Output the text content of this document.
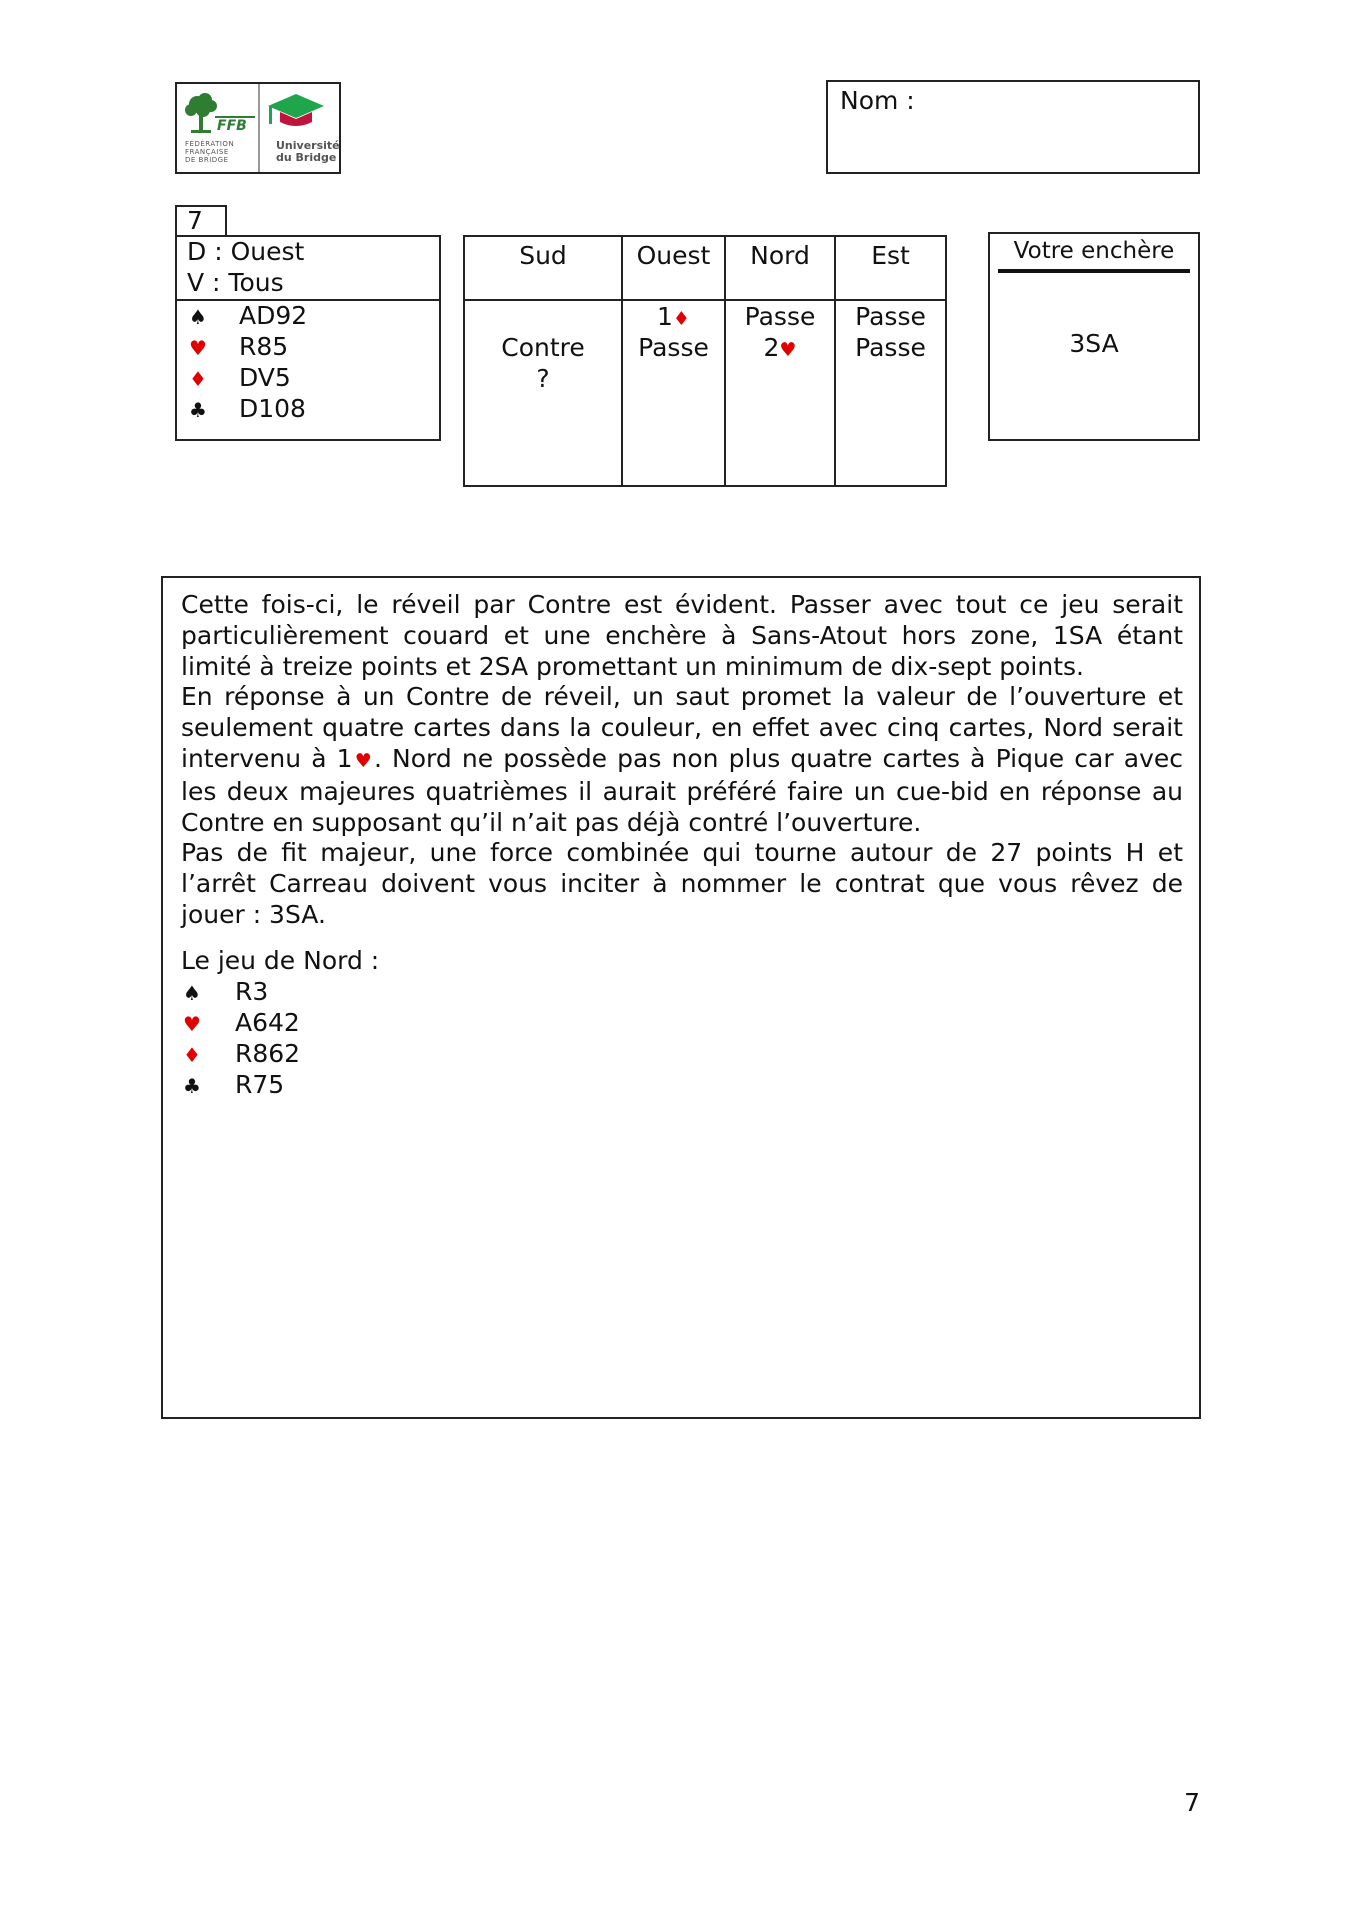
FFB
FÉDÉRATION
FRANÇAISE
DE BRIDGE
Université
du Bridge
Nom :
7
D : Ouest
V : Tous
♠ AD92
♥ R85
♦ DV5
♣ D108
Sud
Contre
?
Ouest
1♦
Passe
Nord
Passe
2♥
Est
Passe
Passe
Votre enchère
3SA

Cette fois-ci, le réveil par Contre est évident. Passer avec tout ce jeu serait particulièrement couard et une enchère à Sans-Atout hors zone, 1SA étant limité à treize points et 2SA promettant un minimum de dix-sept points.

En réponse à un Contre de réveil, un saut promet la valeur de l’ouverture et seulement quatre cartes dans la couleur, en effet avec cinq cartes, Nord serait intervenu à 1♥. Nord ne possède pas non plus quatre cartes à Pique car avec les deux majeures quatrièmes il aurait préféré faire un cue-bid en réponse au Contre en supposant qu’il n’ait pas déjà contré l’ouverture.

Pas de fit majeur, une force combinée qui tourne autour de 27 points H et l’arrêt Carreau doivent vous inciter à nommer le contrat que vous rêvez de jouer : 3SA.

Le jeu de Nord :
♠ R3
♥ A642
♦ R862
♣ R75
7
